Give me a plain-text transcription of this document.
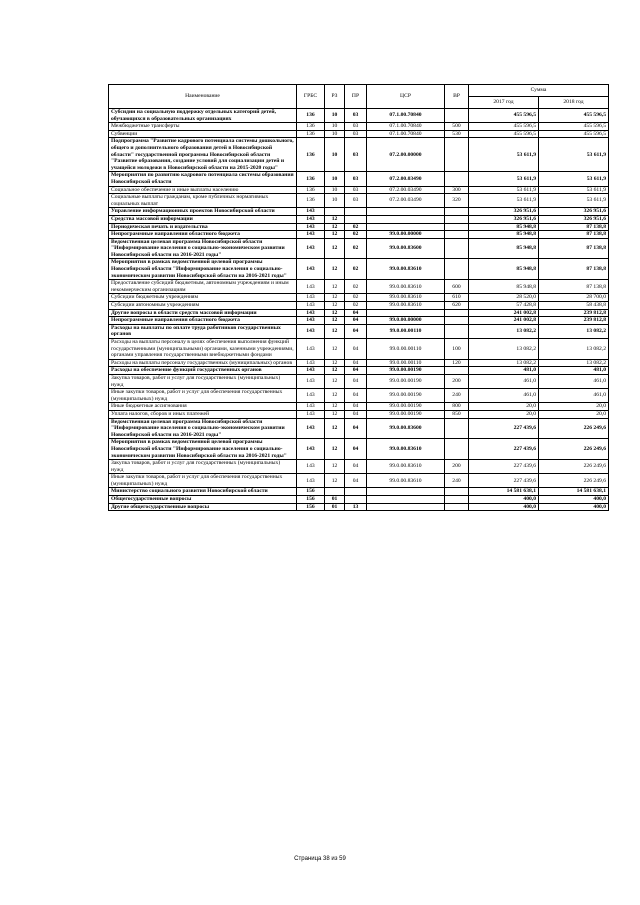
Наименование	ГРБС	РЗ	ПР	ЦСР	ВР	Сумма	
						2017 год	2018 год
Субсидии на социальную поддержку отдельных категорий детей, обучающихся в образовательных организациях	136	10	03	07.1.00.70840		455 596,5	455 596,5
Межбюджетные трансферты	136	10	03	07.1.00.70840	500	455 596,5	455 596,5
Субвенции	136	10	03	07.1.00.70840	530	455 596,5	455 596,5
Подпрограмма "Развитие кадрового потенциала системы дошкольного, общего и дополнительного образования детей в Новосибирской области" государственной программы Новосибирской области "Развитие образования, создание условий для социализации детей и учащейся молодежи в Новосибирской области на 2015-2020 годы"	136	10	03	07.2.00.00000		53 611,9	53 611,9
Мероприятия по развитию кадрового потенциала системы образования Новосибирской области	136	10	03	07.2.00.03490		53 611,9	53 611,9
Социальное обеспечение и иные выплаты населению	136	10	03	07.2.00.03490	300	53 611,9	53 611,9
Социальные выплаты гражданам, кроме публичных нормативных социальных выплат	136	10	03	07.2.00.03490	320	53 611,9	53 611,9
Управление информационных проектов Новосибирской области	143					326 951,6	326 951,6
Средства массовой информации	143	12				326 951,6	326 951,6
Периодическая печать и издательства	143	12	02			85 948,8	87 138,8
Непрограммные направления областного бюджета	143	12	02	99.0.00.00000		85 948,8	87 138,8
Ведомственная целевая программа Новосибирской области "Информирование населения о социально-экономическом развитии Новосибирской области на 2016-2021 годы"	143	12	02	99.0.00.83600		85 948,8	87 138,8
Мероприятия в рамках ведомственной целевой программы Новосибирской области "Информирование населения о социально-экономическом развитии Новосибирской области на 2016-2021 годы"	143	12	02	99.0.00.83610		85 948,8	87 138,8
Предоставление субсидий бюджетным, автономным учреждениям и иным некоммерческим организациям	143	12	02	99.0.00.83610	600	85 948,8	87 138,8
Субсидии бюджетным учреждениям	143	12	02	99.0.00.83610	610	28 520,0	28 700,0
Субсидии автономным учреждениям	143	12	02	99.0.00.83610	620	57 428,8	58 438,8
Другие вопросы в области средств массовой информации	143	12	04			241 002,8	239 812,8
Непрограммные направления областного бюджета	143	12	04	99.0.00.00000		241 002,8	239 812,8
Расходы на выплаты по оплате труда работников государственных органов	143	12	04	99.0.00.00110		13 082,2	13 082,2
Расходы на выплаты персоналу в целях обеспечения выполнения функций государственными (муниципальными) органами, казенными учреждениями, органами управления государственными внебюджетными фондами	143	12	04	99.0.00.00110	100	13 082,2	13 082,2
Расходы на выплаты персоналу государственных (муниципальных) органов	143	12	04	99.0.00.00110	120	13 082,2	13 082,2
Расходы на обеспечение функций государственных органов	143	12	04	99.0.00.00190		481,0	481,0
Закупка товаров, работ и услуг для государственных (муниципальных) нужд	143	12	04	99.0.00.00190	200	461,0	461,0
Иные закупки товаров, работ и услуг для обеспечения государственных (муниципальных) нужд	143	12	04	99.0.00.00190	240	461,0	461,0
Иные бюджетные ассигнования	143	12	04	99.0.00.00190	800	20,0	20,0
Уплата налогов, сборов и иных платежей	143	12	04	99.0.00.00190	850	20,0	20,0
Ведомственная целевая программа Новосибирской области "Информирование населения о социально-экономическом развитии Новосибирской области на 2016-2021 годы"	143	12	04	99.0.00.83600		227 439,6	226 249,6
Мероприятия в рамках ведомственной целевой программы Новосибирской области "Информирование населения о социально-экономическом развитии Новосибирской области на 2016-2021 годы"	143	12	04	99.0.00.83610		227 439,6	226 249,6
Закупка товаров, работ и услуг для государственных (муниципальных) нужд	143	12	04	99.0.00.83610	200	227 439,6	226 249,6
Иные закупки товаров, работ и услуг для обеспечения государственных (муниципальных) нужд	143	12	04	99.0.00.83610	240	227 439,6	226 249,6
Министерство социального развития Новосибирской области	156					14 581 638,1	14 581 638,1
Общегосударственные вопросы	156	01				400,0	400,0
Другие общегосударственные вопросы	156	01	13			400,0	400,0
Страница 38 из 59
